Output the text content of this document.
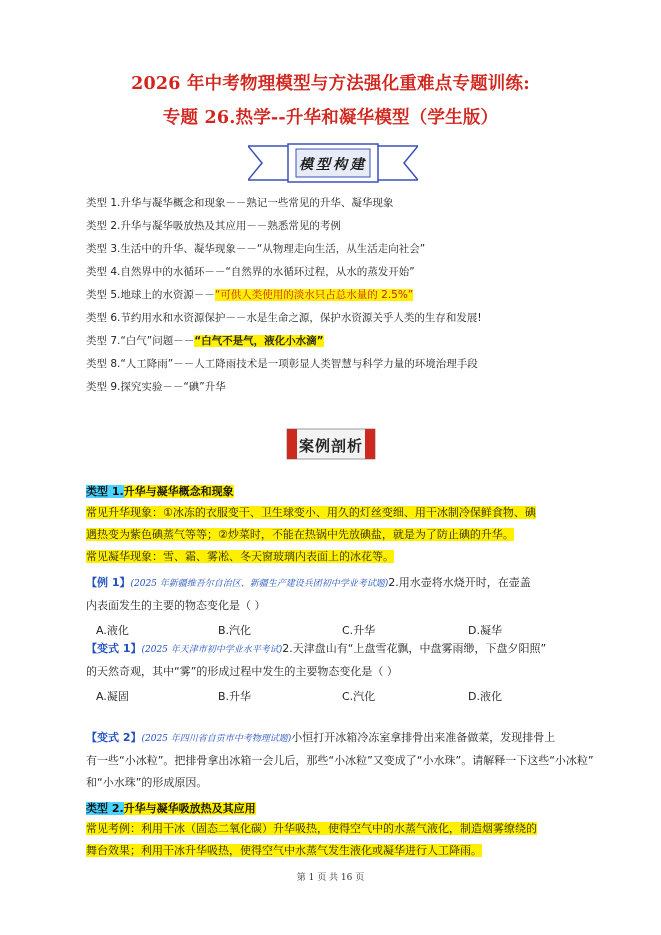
2026 年中考物理模型与方法强化重难点专题训练:
专题 26.热学--升华和凝华模型（学生版）
模型构建
类型 1.升华与凝华概念和现象－－熟记一些常见的升华、凝华现象
类型 2.升华与凝华吸放热及其应用－－熟悉常见的考例
类型 3.生活中的升华、凝华现象－－“从物理走向生活，从生活走向社会”
类型 4.自然界中的水循环－－“自然界的水循环过程，从水的蒸发开始”
类型 5.地球上的水资源－－“可供人类使用的淡水只占总水量的 2.5%”
类型 6.节约用水和水资源保护－－水是生命之源，保护水资源关乎人类的生存和发展!
类型 7.“白气”问题－－“白气不是气，液化小水滴”
类型 8.“人工降雨”－－人工降雨技术是一项彰显人类智慧与科学力量的环境治理手段
类型 9.探究实验－－“碘”升华
案例剖析
类型 1.升华与凝华概念和现象
常见升华现象：①冰冻的衣服变干、卫生球变小、用久的灯丝变细、用干冰制冷保鲜食物、碘
遇热变为紫色碘蒸气等等；②炒菜时，不能在热锅中先放碘盐，就是为了防止碘的升华。
常见凝华现象：雪、霜、雾凇、冬天窗玻璃内表面上的冰花等。
【例 1】(2025 年新疆维吾尔自治区、新疆生产建设兵团初中学业考试题)2.用水壶将水烧开时，在壶盖
内表面发生的主要的物态变化是（ ）
A.液化	B.汽化	C.升华	D.凝华
【变式 1】(2025 年天津市初中学业水平考试)2.天津盘山有“上盘雪花飘，中盘雾雨缈，下盘夕阳照”
的天然奇观，其中“雾”的形成过程中发生的主要物态变化是（ ）
A.凝固	B.升华	C.汽化	D.液化
【变式 2】(2025 年四川省自贡市中考物理试题)小恒打开冰箱冷冻室拿排骨出来准备做菜，发现排骨上
有一些“小冰粒”。把排骨拿出冰箱一会儿后，那些“小冰粒”又变成了“小水珠”。请解释一下这些“小冰粒”
和“小水珠”的形成原因。
类型 2.升华与凝华吸放热及其应用
常见考例：利用干冰（固态二氧化碳）升华吸热，使得空气中的水蒸气液化，制造烟雾缭绕的
舞台效果；利用干冰升华吸热，使得空气中水蒸气发生液化或凝华进行人工降雨。
第 1 页 共 16 页
